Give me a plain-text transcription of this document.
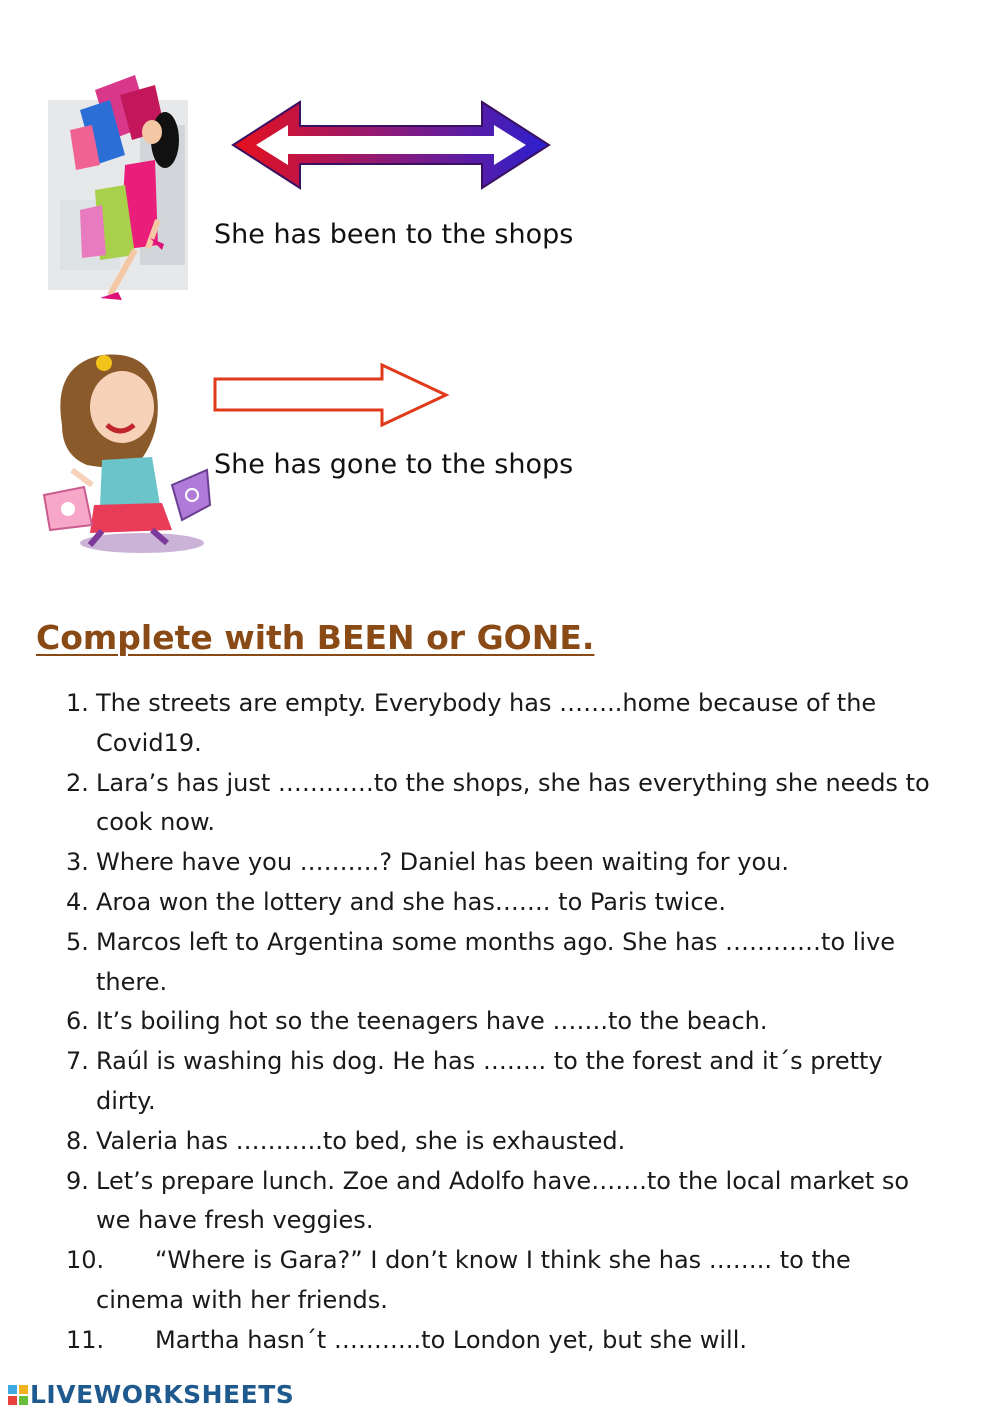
She has been to the shops
She has gone to the shops
Complete with BEEN or GONE.
1. The streets are empty. Everybody has ……..home because of the
Covid19.
2. Lara’s has just …………to the shops, she has everything she needs to
cook now.
3. Where have you ……….? Daniel has been waiting for you.
4. Aroa won the lottery and she has……. to Paris twice.
5. Marcos left to Argentina some months ago. She has …………to live
there.
6. It’s boiling hot so the teenagers have …….to the beach.
7. Raúl is washing his dog. He has …….. to the forest and it´s pretty
dirty.
8. Valeria has ………..to bed, she is exhausted.
9. Let’s prepare lunch. Zoe and Adolfo have…….to the local market so
we have fresh veggies.
10. “Where is Gara?” I don’t know I think she has …….. to the
cinema with her friends.
11. Martha hasn´t ………..to London yet, but she will.
LIVEWORKSHEETS
